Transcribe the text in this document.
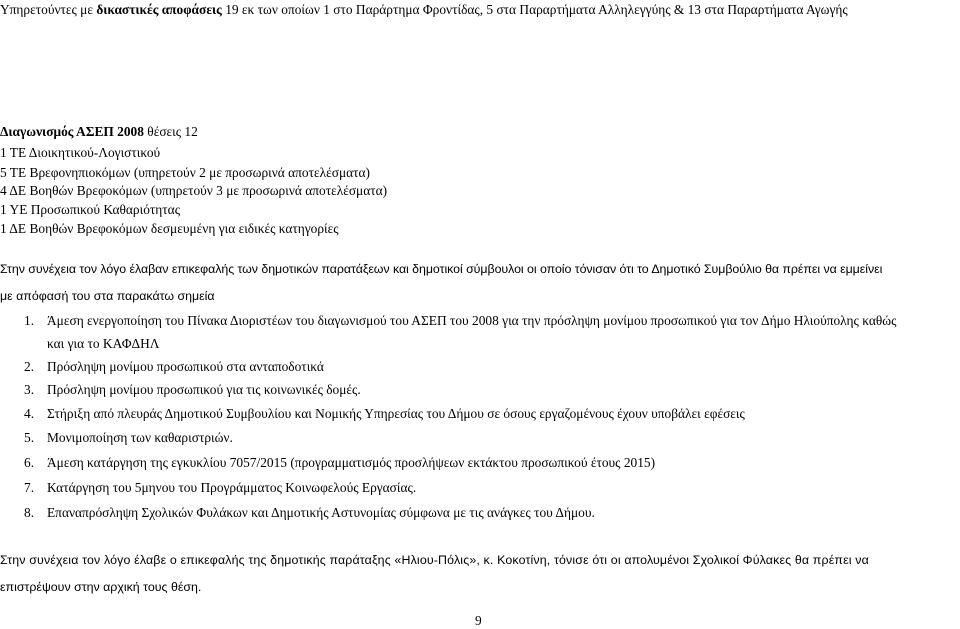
Υπηρετούντες με δικαστικές αποφάσεις 19 εκ των οποίων 1 στο Παράρτημα Φροντίδας, 5 στα Παραρτήματα Αλληλεγγύης & 13 στα Παραρτήματα Αγωγής
Διαγωνισμός ΑΣΕΠ 2008 θέσεις 12
1 ΤΕ Διοικητικού-Λογιστικού
5 ΤΕ Βρεφονηπιοκόμων (υπηρετούν 2 με προσωρινά αποτελέσματα)
4 ΔΕ Βοηθών Βρεφοκόμων (υπηρετούν 3 με προσωρινά αποτελέσματα)
1 ΥΕ Προσωπικού Καθαριότητας
1 ΔΕ Βοηθών Βρεφοκόμων δεσμευμένη για ειδικές κατηγορίες
Στην συνέχεια τον λόγο έλαβαν επικεφαλής των δημοτικών παρατάξεων και δημοτικοί σύμβουλοι οι οποίο τόνισαν ότι το Δημοτικό Συμβούλιο θα πρέπει να εμμείνει
με απόφασή του στα παρακάτω σημεία
1. Άμεση ενεργοποίηση του Πίνακα Διοριστέων του διαγωνισμού του ΑΣΕΠ του 2008 για την πρόσληψη μονίμου προσωπικού για τον Δήμο Ηλιούπολης καθώς
και για το ΚΑΦΔΗΛ
2. Πρόσληψη μονίμου προσωπικού στα ανταποδοτικά
3. Πρόσληψη μονίμου προσωπικού για τις κοινωνικές δομές.
4. Στήριξη από πλευράς Δημοτικού Συμβουλίου και Νομικής Υπηρεσίας του Δήμου σε όσους εργαζομένους έχουν υποβάλει εφέσεις
5. Μονιμοποίηση των καθαριστριών.
6. Άμεση κατάργηση της εγκυκλίου 7057/2015 (προγραμματισμός προσλήψεων εκτάκτου προσωπικού έτους 2015)
7. Κατάργηση του 5μηνου του Προγράμματος Κοινωφελούς Εργασίας.
8. Επαναπρόσληψη Σχολικών Φυλάκων και Δημοτικής Αστυνομίας σύμφωνα με τις ανάγκες του Δήμου.
Στην συνέχεια τον λόγο έλαβε ο επικεφαλής της δημοτικής παράταξης «Ηλιου-Πόλις», κ. Κοκοτίνη, τόνισε ότι οι απολυμένοι Σχολικοί Φύλακες θα πρέπει να
επιστρέψουν στην αρχική τους θέση.
9
